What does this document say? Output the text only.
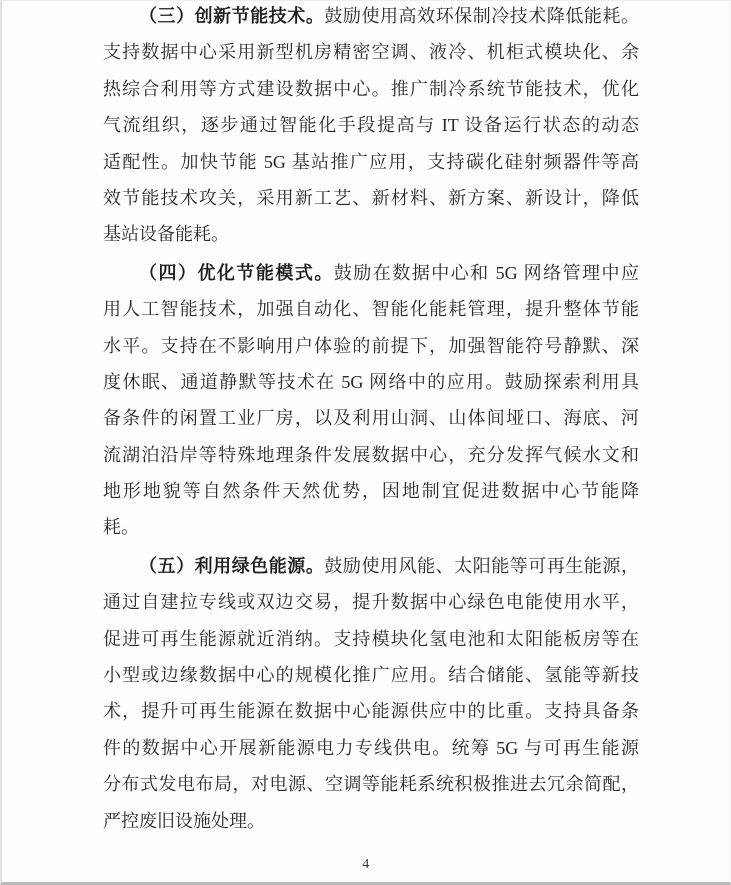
（三）创新节能技术。鼓励使用高效环保制冷技术降低能耗。
支持数据中心采用新型机房精密空调、液冷、机柜式模块化、余
热综合利用等方式建设数据中心。推广制冷系统节能技术，优化
气流组织，逐步通过智能化手段提高与 IT 设备运行状态的动态
适配性。加快节能 5G 基站推广应用，支持碳化硅射频器件等高
效节能技术攻关，采用新工艺、新材料、新方案、新设计，降低
基站设备能耗。
（四）优化节能模式。鼓励在数据中心和 5G 网络管理中应
用人工智能技术，加强自动化、智能化能耗管理，提升整体节能
水平。支持在不影响用户体验的前提下，加强智能符号静默、深
度休眠、通道静默等技术在 5G 网络中的应用。鼓励探索利用具
备条件的闲置工业厂房，以及利用山洞、山体间垭口、海底、河
流湖泊沿岸等特殊地理条件发展数据中心，充分发挥气候水文和
地形地貌等自然条件天然优势，因地制宜促进数据中心节能降
耗。
（五）利用绿色能源。鼓励使用风能、太阳能等可再生能源，
通过自建拉专线或双边交易，提升数据中心绿色电能使用水平，
促进可再生能源就近消纳。支持模块化氢电池和太阳能板房等在
小型或边缘数据中心的规模化推广应用。结合储能、氢能等新技
术，提升可再生能源在数据中心能源供应中的比重。支持具备条
件的数据中心开展新能源电力专线供电。统筹 5G 与可再生能源
分布式发电布局，对电源、空调等能耗系统积极推进去冗余简配，
严控废旧设施处理。
4
